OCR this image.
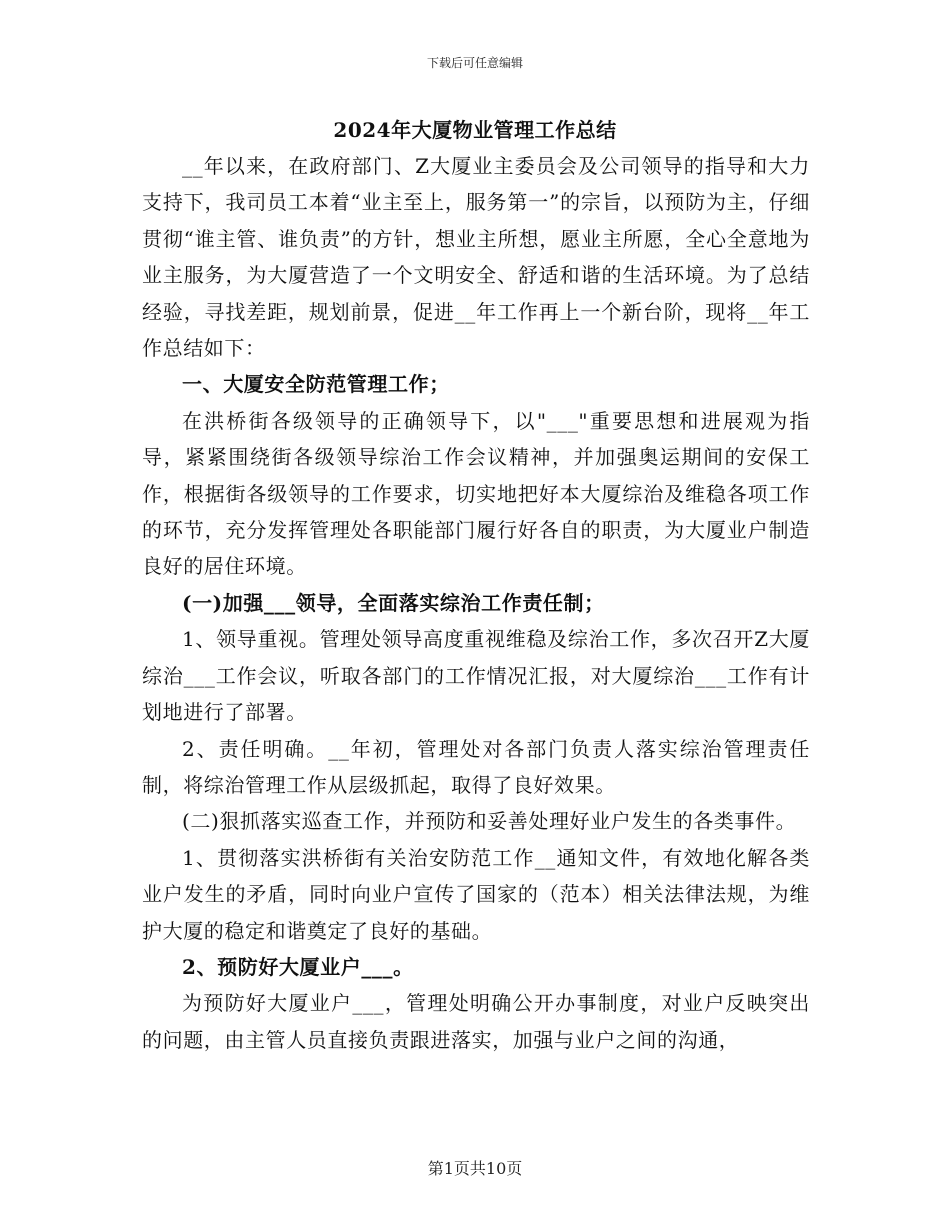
下载后可任意编辑
2024年大厦物业管理工作总结

__年以来，在政府部门、Z大厦业主委员会及公司领导的指导和大力支持下，我司员工本着“业主至上，服务第一”的宗旨，以预防为主，仔细贯彻“谁主管、谁负责”的方针，想业主所想，愿业主所愿，全心全意地为业主服务，为大厦营造了一个文明安全、舒适和谐的生活环境。为了总结经验，寻找差距，规划前景，促进__年工作再上一个新台阶，现将__年工作总结如下：

一、大厦安全防范管理工作；

在洪桥街各级领导的正确领导下，以"___"重要思想和进展观为指导，紧紧围绕街各级领导综治工作会议精神，并加强奥运期间的安保工作，根据街各级领导的工作要求，切实地把好本大厦综治及维稳各项工作的环节，充分发挥管理处各职能部门履行好各自的职责，为大厦业户制造良好的居住环境。

(一)加强___领导，全面落实综治工作责任制；

1、领导重视。管理处领导高度重视维稳及综治工作，多次召开Z大厦综治___工作会议，听取各部门的工作情况汇报，对大厦综治___工作有计划地进行了部署。

2、责任明确。__年初，管理处对各部门负责人落实综治管理责任制，将综治管理工作从层级抓起，取得了良好效果。

(二)狠抓落实巡查工作，并预防和妥善处理好业户发生的各类事件。

1、贯彻落实洪桥街有关治安防范工作__通知文件，有效地化解各类业户发生的矛盾，同时向业户宣传了国家的（范本）相关法律法规，为维护大厦的稳定和谐奠定了良好的基础。

2、预防好大厦业户___。

为预防好大厦业户___，管理处明确公开办事制度，对业户反映突出的问题，由主管人员直接负责跟进落实，加强与业户之间的沟通，

第1页共10页
